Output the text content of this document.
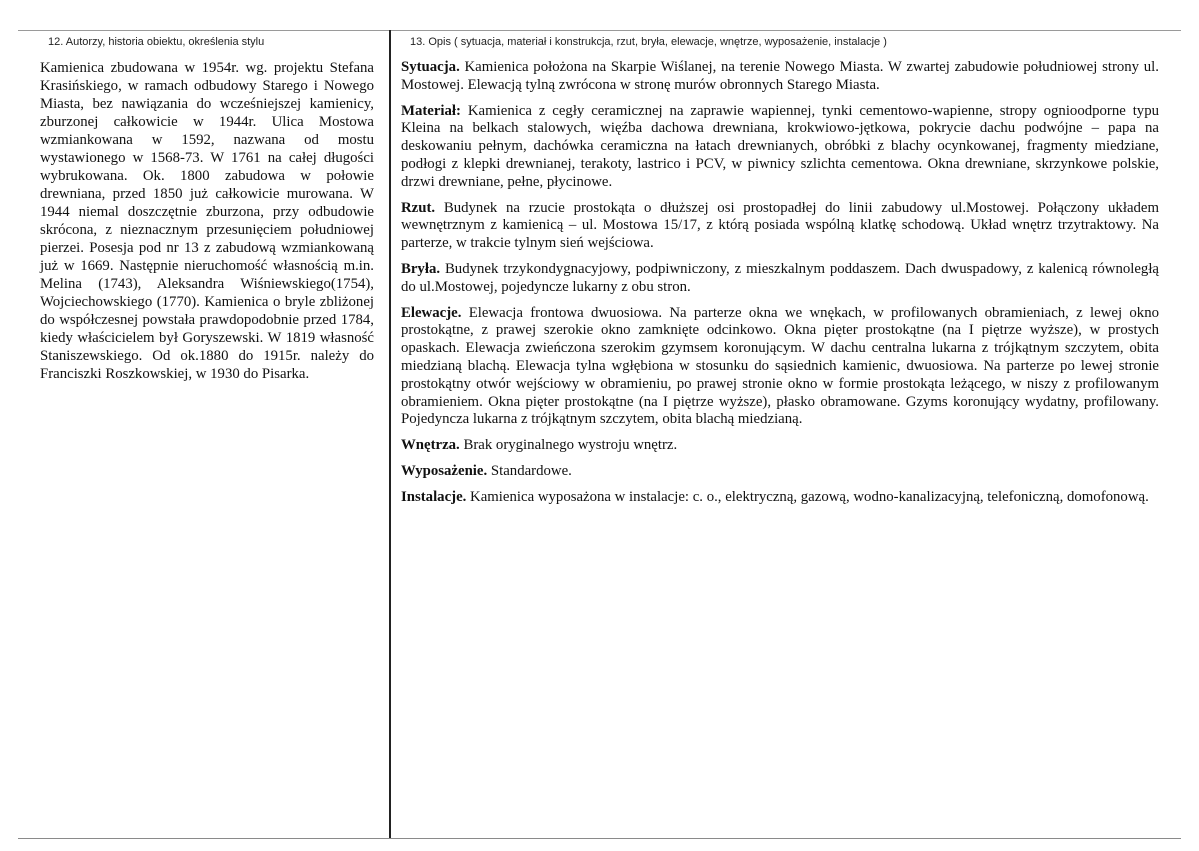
12. Autorzy, historia obiektu, określenia stylu

Kamienica zbudowana w 1954r. wg. projektu Stefana Krasińskiego, w ramach odbudowy Starego i Nowego Miasta, bez nawiązania do wcześniejszej kamienicy, zburzonej całkowicie w 1944r. Ulica Mostowa wzmiankowana w 1592, nazwana od mostu wystawionego w 1568-73. W 1761 na całej długości wybrukowana. Ok. 1800 zabudowa w połowie drewniana, przed 1850 już całkowicie murowana. W 1944 niemal doszczętnie zburzona, przy odbudowie skrócona, z nieznacznym przesunięciem południowej pierzei. Posesja pod nr 13 z zabudową wzmiankowaną już w 1669. Następnie nieruchomość własnością m.in. Melina (1743), Aleksandra Wiśniewskiego(1754), Wojciechowskiego (1770). Kamienica o bryle zbliżonej do współczesnej powstała prawdopodobnie przed 1784, kiedy właścicielem był Goryszewski. W 1819 własność Staniszewskiego. Od ok.1880 do 1915r. należy do Franciszki Roszkowskiej, w 1930 do Pisarka.

13. Opis ( sytuacja, materiał i konstrukcja, rzut, bryła, elewacje, wnętrze, wyposażenie, instalacje )

Sytuacja. Kamienica położona na Skarpie Wiślanej, na terenie Nowego Miasta. W zwartej zabudowie południowej strony ul. Mostowej. Elewacją tylną zwrócona w stronę murów obronnych Starego Miasta.

Materiał: Kamienica z cegły ceramicznej na zaprawie wapiennej, tynki cementowo-wapienne, stropy ognioodporne typu Kleina na belkach stalowych, więźba dachowa drewniana, krokwiowo-jętkowa, pokrycie dachu podwójne – papa na deskowaniu pełnym, dachówka ceramiczna na łatach drewnianych, obróbki z blachy ocynkowanej, fragmenty miedziane, podłogi z klepki drewnianej, terakoty, lastrico i PCV, w piwnicy szlichta cementowa. Okna drewniane, skrzynkowe polskie, drzwi drewniane, pełne, płycinowe.

Rzut. Budynek na rzucie prostokąta o dłuższej osi prostopadłej do linii zabudowy ul.Mostowej. Połączony układem wewnętrznym z kamienicą – ul. Mostowa 15/17, z którą posiada wspólną klatkę schodową. Układ wnętrz trzytraktowy. Na parterze, w trakcie tylnym sień wejściowa.

Bryła. Budynek trzykondygnacyjowy, podpiwniczony, z mieszkalnym poddaszem. Dach dwuspadowy, z kalenicą równoległą do ul.Mostowej, pojedyncze lukarny z obu stron.

Elewacje. Elewacja frontowa dwuosiowa. Na parterze okna we wnękach, w profilowanych obramieniach, z lewej okno prostokątne, z prawej szerokie okno zamknięte odcinkowo. Okna pięter prostokątne (na I piętrze wyższe), w prostych opaskach. Elewacja zwieńczona szerokim gzymsem koronującym. W dachu centralna lukarna z trójkątnym szczytem, obita miedzianą blachą. Elewacja tylna wgłębiona w stosunku do sąsiednich kamienic, dwuosiowa. Na parterze po lewej stronie prostokątny otwór wejściowy w obramieniu, po prawej stronie okno w formie prostokąta leżącego, w niszy z profilowanym obramieniem. Okna pięter prostokątne (na I piętrze wyższe), płasko obramowane. Gzyms koronujący wydatny, profilowany. Pojedyncza lukarna z trójkątnym szczytem, obita blachą miedzianą.

Wnętrza. Brak oryginalnego wystroju wnętrz.

Wyposażenie. Standardowe.

Instalacje. Kamienica wyposażona w instalacje: c. o., elektryczną, gazową, wodno-kanalizacyjną, telefoniczną, domofonową.
